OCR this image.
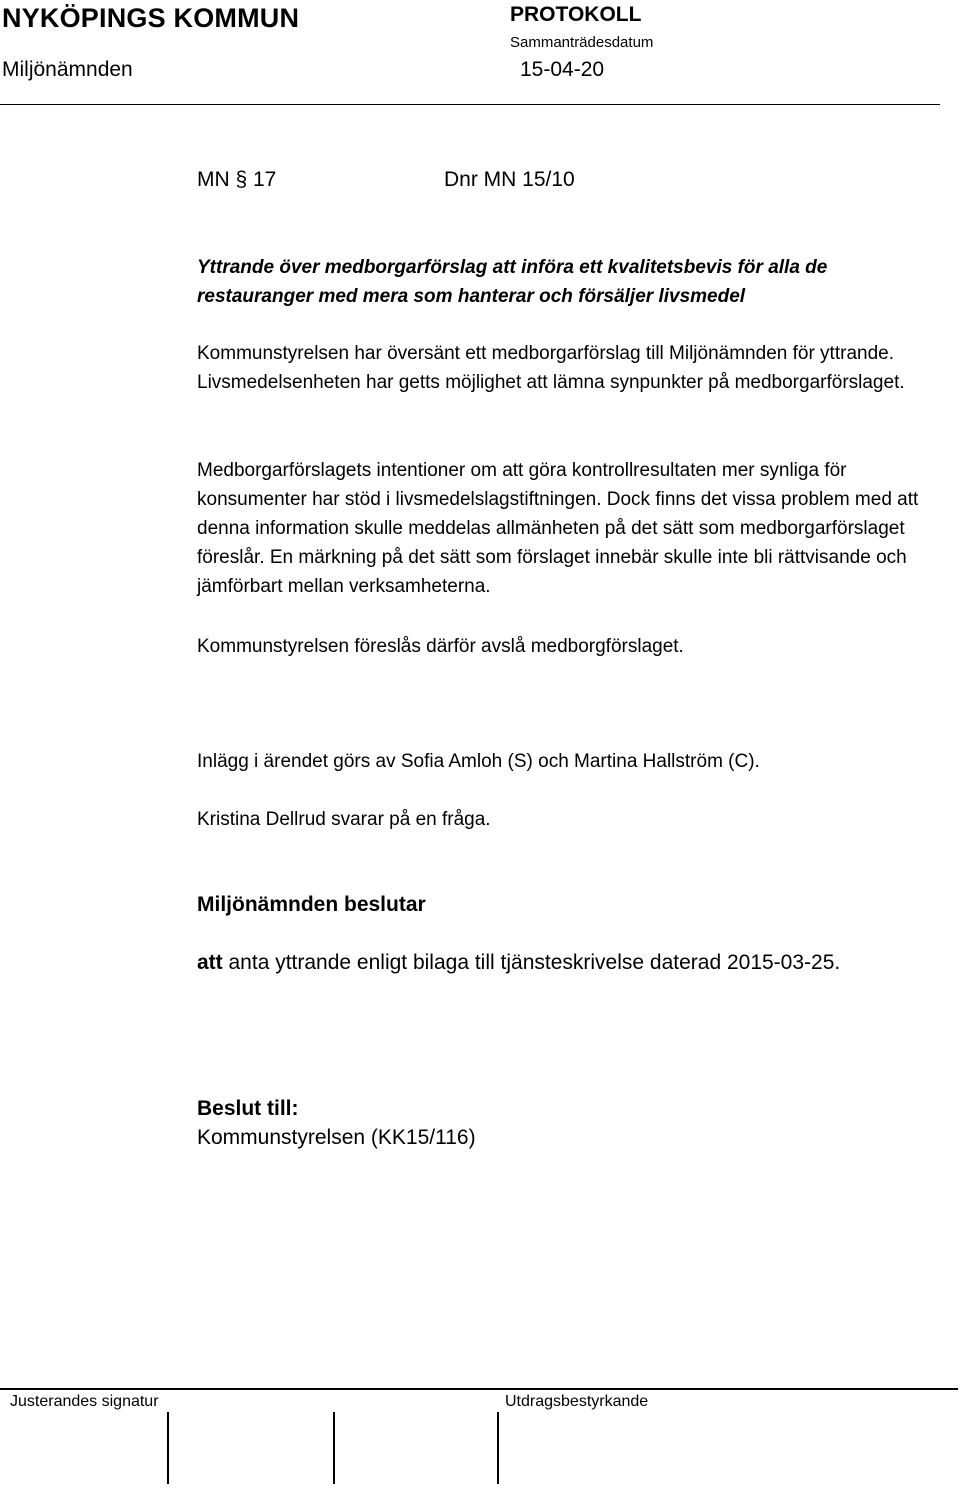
NYKÖPINGS KOMMUN	PROTOKOLL
Sammanträdesdatum
Miljönämnden	15-04-20
MN § 17	Dnr MN 15/10
Yttrande över medborgarförslag att införa ett kvalitetsbevis för alla de restauranger med mera som hanterar och försäljer livsmedel
Kommunstyrelsen har översänt ett medborgarförslag till Miljönämnden för yttrande. Livsmedelsenheten har getts möjlighet att lämna synpunkter på medborgarförslaget.
Medborgarförslagets intentioner om att göra kontrollresultaten mer synliga för konsumenter har stöd i livsmedelslagstiftningen. Dock finns det vissa problem med att denna information skulle meddelas allmänheten på det sätt som medborgarförslaget föreslår. En märkning på det sätt som förslaget innebär skulle inte bli rättvisande och jämförbart mellan verksamheterna.
Kommunstyrelsen föreslås därför avslå medborgförslaget.
Inlägg i ärendet görs av Sofia Amloh (S) och Martina Hallström (C).
Kristina Dellrud svarar på en fråga.
Miljönämnden beslutar
att anta yttrande enligt bilaga till tjänsteskrivelse daterad 2015-03-25.
Beslut till:
Kommunstyrelsen (KK15/116)
Justerandes signatur	Utdragsbestyrkande
